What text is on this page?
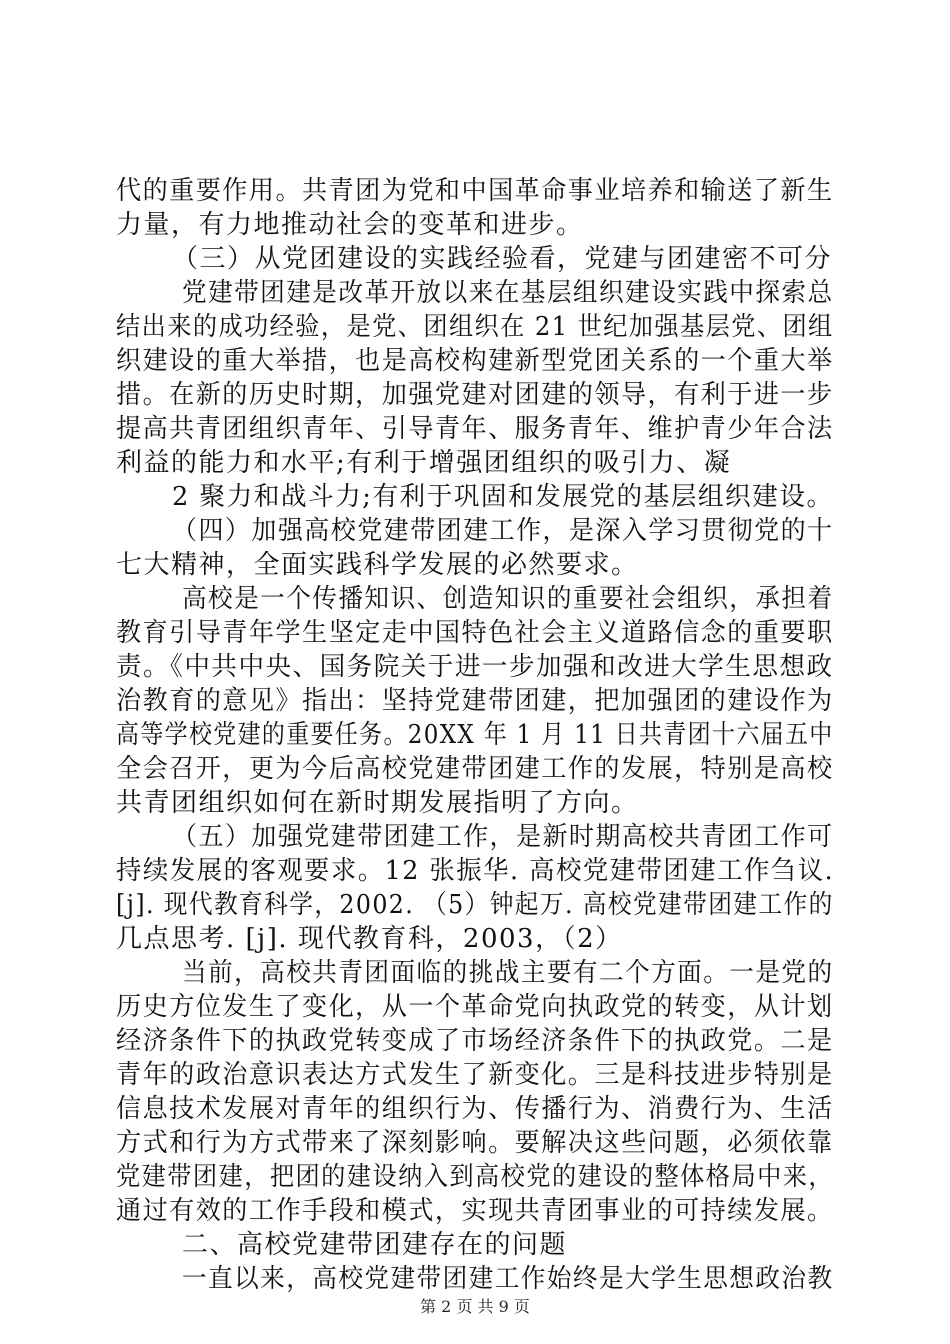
代的重要作用。共青团为党和中国革命事业培养和输送了新生
力量，有力地推动社会的变革和进步。
（三）从党团建设的实践经验看，党建与团建密不可分
党建带团建是改革开放以来在基层组织建设实践中探索总
结出来的成功经验，是党、团组织在 21 世纪加强基层党、团组
织建设的重大举措，也是高校构建新型党团关系的一个重大举
措。在新的历史时期，加强党建对团建的领导，有利于进一步
提高共青团组织青年、引导青年、服务青年、维护青少年合法
利益的能力和水平;有利于增强团组织的吸引力、凝
2 聚力和战斗力;有利于巩固和发展党的基层组织建设。
（四）加强高校党建带团建工作，是深入学习贯彻党的十
七大精神，全面实践科学发展的必然要求。
高校是一个传播知识、创造知识的重要社会组织，承担着
教育引导青年学生坚定走中国特色社会主义道路信念的重要职
责。《中共中央、国务院关于进一步加强和改进大学生思想政
治教育的意见》指出：坚持党建带团建，把加强团的建设作为
高等学校党建的重要任务。20XX 年 1 月 11 日共青团十六届五中
全会召开，更为今后高校党建带团建工作的发展，特别是高校
共青团组织如何在新时期发展指明了方向。
（五）加强党建带团建工作，是新时期高校共青团工作可
持续发展的客观要求。12 张振华. 高校党建带团建工作刍议.
[j]. 现代教育科学，2002. （5）钟起万. 高校党建带团建工作的
几点思考. [j]. 现代教育科，2003，（2）
当前，高校共青团面临的挑战主要有二个方面。一是党的
历史方位发生了变化，从一个革命党向执政党的转变，从计划
经济条件下的执政党转变成了市场经济条件下的执政党。二是
青年的政治意识表达方式发生了新变化。三是科技进步特别是
信息技术发展对青年的组织行为、传播行为、消费行为、生活
方式和行为方式带来了深刻影响。要解决这些问题，必须依靠
党建带团建，把团的建设纳入到高校党的建设的整体格局中来，
通过有效的工作手段和模式，实现共青团事业的可持续发展。
二、高校党建带团建存在的问题
一直以来，高校党建带团建工作始终是大学生思想政治教
第 2 页 共 9 页
